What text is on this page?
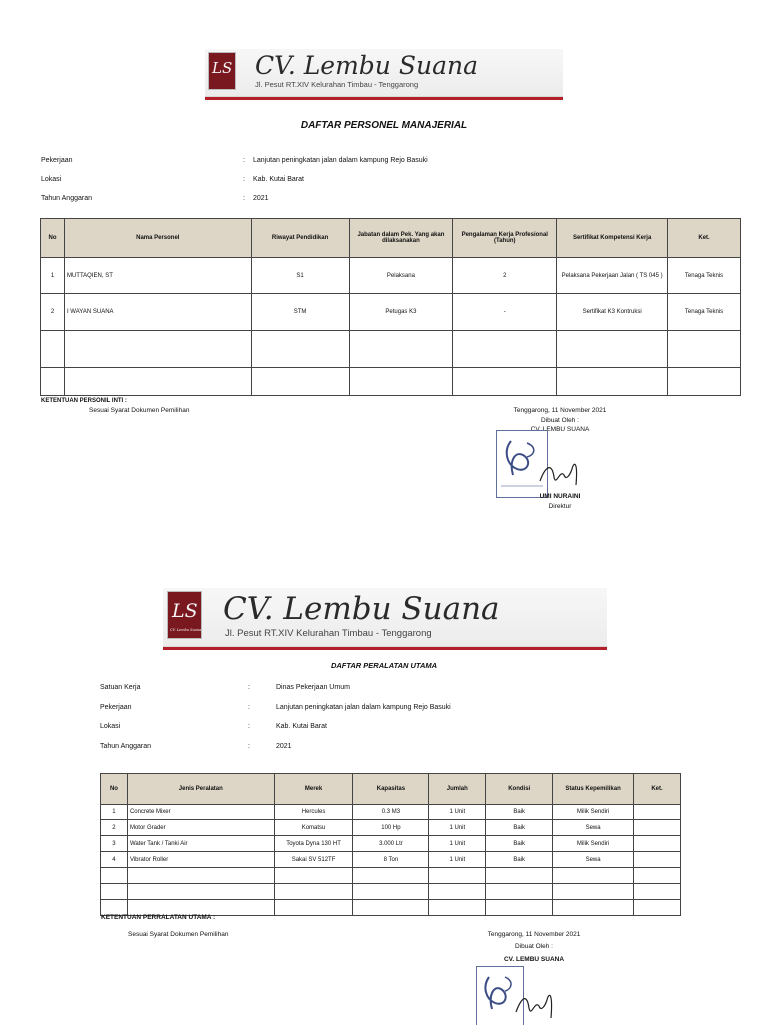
LS CV. Lembu Suana
Jl. Pesut RT.XIV Kelurahan Timbau - Tenggarong
DAFTAR PERSONEL MANAJERIAL
Pekerjaan	: Lanjutan peningkatan jalan dalam kampung Rejo Basuki
Lokasi	: Kab. Kutai Barat
Tahun Anggaran	: 2021
No	Nama Personel	Riwayat Pendidikan	Jabatan dalam Pek. Yang akan dilaksanakan	Pengalaman Kerja Profesional (Tahun)	Sertifikat Kompetensi Kerja	Ket.
1	MUTTAQIEN, ST	S1	Pelaksana	2	Pelaksana Pekerjaan Jalan ( TS 045 )	Tenaga Teknis
2	I WAYAN SUANA	STM	Petugas K3	-	Sertifikat K3 Kontruksi	Tenaga Teknis

KETENTUAN PERSONIL INTI :
Sesuai Syarat Dokumen Pemilihan	Tenggarong, 11 November 2021
Dibuat Oleh :
CV. LEMBU SUANA
UMI NURAINI
Direktur
LS
CV. Lembu Suana
CV. Lembu Suana
Jl. Pesut RT.XIV Kelurahan Timbau - Tenggarong
DAFTAR PERALATAN UTAMA
Satuan Kerja	:	Dinas Pekerjaan Umum
Pekerjaan	:	Lanjutan peningkatan jalan dalam kampung Rejo Basuki
Lokasi	:	Kab. Kutai Barat
Tahun Anggaran	:	2021
No	Jenis Peralatan	Merek	Kapasitas	Jumlah	Kondisi	Status Kepemilikan	Ket.
1	Concrete Mixer	Hercules	0.3 M3	1 Unit	Baik	Milik Sendiri	
2	Motor Grader	Komatsu	100 Hp	1 Unit	Baik	Sewa	
3	Water Tank / Tanki Air	Toyota Dyna 130 HT	3.000 Ltr	1 Unit	Baik	Milik Sendiri	
4	Vibrator Roller	Sakai SV 512TF	8 Ton	1 Unit	Baik	Sewa	

KETENTUAN PERRALATAN UTAMA :
Sesuai Syarat Dokumen Pemilihan	Tenggarong, 11 November 2021
Dibuat Oleh :
CV. LEMBU SUANA
